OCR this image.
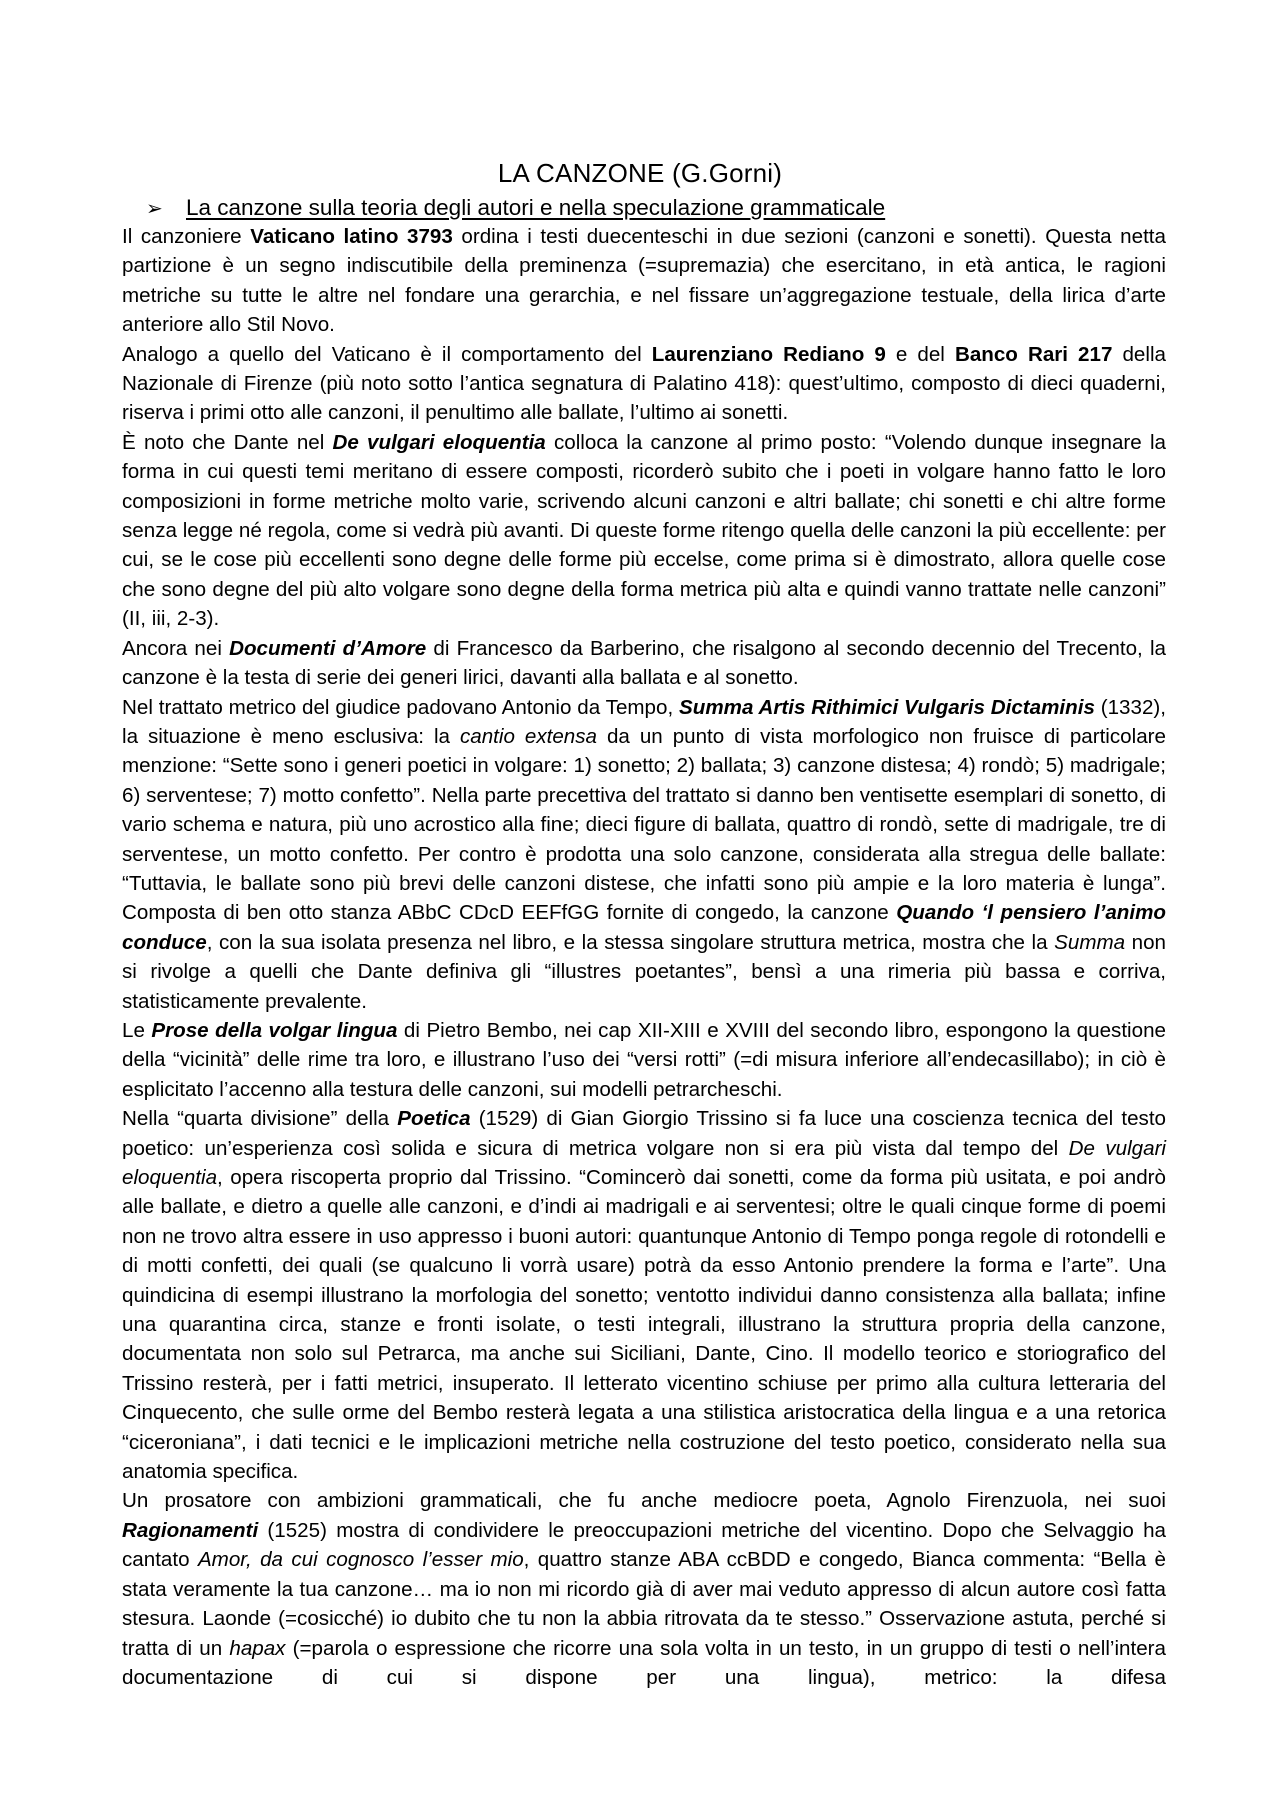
LA CANZONE (G.Gorni)
➢ La canzone sulla teoria degli autori e nella speculazione grammaticale

Il canzoniere Vaticano latino 3793 ordina i testi duecenteschi in due sezioni (canzoni e sonetti). Questa netta partizione è un segno indiscutibile della preminenza (=supremazia) che esercitano, in età antica, le ragioni metriche su tutte le altre nel fondare una gerarchia, e nel fissare un’aggregazione testuale, della lirica d’arte anteriore allo Stil Novo.

Analogo a quello del Vaticano è il comportamento del Laurenziano Rediano 9 e del Banco Rari 217 della Nazionale di Firenze (più noto sotto l’antica segnatura di Palatino 418): quest’ultimo, composto di dieci quaderni, riserva i primi otto alle canzoni, il penultimo alle ballate, l’ultimo ai sonetti.

È noto che Dante nel De vulgari eloquentia colloca la canzone al primo posto: “Volendo dunque insegnare la forma in cui questi temi meritano di essere composti, ricorderò subito che i poeti in volgare hanno fatto le loro composizioni in forme metriche molto varie, scrivendo alcuni canzoni e altri ballate; chi sonetti e chi altre forme senza legge né regola, come si vedrà più avanti. Di queste forme ritengo quella delle canzoni la più eccellente: per cui, se le cose più eccellenti sono degne delle forme più eccelse, come prima si è dimostrato, allora quelle cose che sono degne del più alto volgare sono degne della forma metrica più alta e quindi vanno trattate nelle canzoni” (II, iii, 2-3).

Ancora nei Documenti d’Amore di Francesco da Barberino, che risalgono al secondo decennio del Trecento, la canzone è la testa di serie dei generi lirici, davanti alla ballata e al sonetto.

Nel trattato metrico del giudice padovano Antonio da Tempo, Summa Artis Rithimici Vulgaris Dictaminis (1332), la situazione è meno esclusiva: la cantio extensa da un punto di vista morfologico non fruisce di particolare menzione: “Sette sono i generi poetici in volgare: 1) sonetto; 2) ballata; 3) canzone distesa; 4) rondò; 5) madrigale; 6) serventese; 7) motto confetto”. Nella parte precettiva del trattato si danno ben ventisette esemplari di sonetto, di vario schema e natura, più uno acrostico alla fine; dieci figure di ballata, quattro di rondò, sette di madrigale, tre di serventese, un motto confetto. Per contro è prodotta una solo canzone, considerata alla stregua delle ballate: “Tuttavia, le ballate sono più brevi delle canzoni distese, che infatti sono più ampie e la loro materia è lunga”. Composta di ben otto stanza ABbC CDcD EEFfGG fornite di congedo, la canzone Quando ‘l pensiero l’animo conduce, con la sua isolata presenza nel libro, e la stessa singolare struttura metrica, mostra che la Summa non si rivolge a quelli che Dante definiva gli “illustres poetantes”, bensì a una rimeria più bassa e corriva, statisticamente prevalente.

Le Prose della volgar lingua di Pietro Bembo, nei cap XII-XIII e XVIII del secondo libro, espongono la questione della “vicinità” delle rime tra loro, e illustrano l’uso dei “versi rotti” (=di misura inferiore all’endecasillabo); in ciò è esplicitato l’accenno alla testura delle canzoni, sui modelli petrarcheschi.

Nella “quarta divisione” della Poetica (1529) di Gian Giorgio Trissino si fa luce una coscienza tecnica del testo poetico: un’esperienza così solida e sicura di metrica volgare non si era più vista dal tempo del De vulgari eloquentia, opera riscoperta proprio dal Trissino. “Comincerò dai sonetti, come da forma più usitata, e poi andrò alle ballate, e dietro a quelle alle canzoni, e d’indi ai madrigali e ai serventesi; oltre le quali cinque forme di poemi non ne trovo altra essere in uso appresso i buoni autori: quantunque Antonio di Tempo ponga regole di rotondelli e di motti confetti, dei quali (se qualcuno li vorrà usare) potrà da esso Antonio prendere la forma e l’arte”. Una quindicina di esempi illustrano la morfologia del sonetto; ventotto individui danno consistenza alla ballata; infine una quarantina circa, stanze e fronti isolate, o testi integrali, illustrano la struttura propria della canzone, documentata non solo sul Petrarca, ma anche sui Siciliani, Dante, Cino. Il modello teorico e storiografico del Trissino resterà, per i fatti metrici, insuperato. Il letterato vicentino schiuse per primo alla cultura letteraria del Cinquecento, che sulle orme del Bembo resterà legata a una stilistica aristocratica della lingua e a una retorica “ciceroniana”, i dati tecnici e le implicazioni metriche nella costruzione del testo poetico, considerato nella sua anatomia specifica.

Un prosatore con ambizioni grammaticali, che fu anche mediocre poeta, Agnolo Firenzuola, nei suoi Ragionamenti (1525) mostra di condividere le preoccupazioni metriche del vicentino. Dopo che Selvaggio ha cantato Amor, da cui cognosco l’esser mio, quattro stanze ABA ccBDD e congedo, Bianca commenta: “Bella è stata veramente la tua canzone… ma io non mi ricordo già di aver mai veduto appresso di alcun autore così fatta stesura. Laonde (=cosicché) io dubito che tu non la abbia ritrovata da te stesso.” Osservazione astuta, perché si tratta di un hapax (=parola o espressione che ricorre una sola volta in un testo, in un gruppo di testi o nell’intera documentazione di cui si dispone per una lingua), metrico: la difesa
